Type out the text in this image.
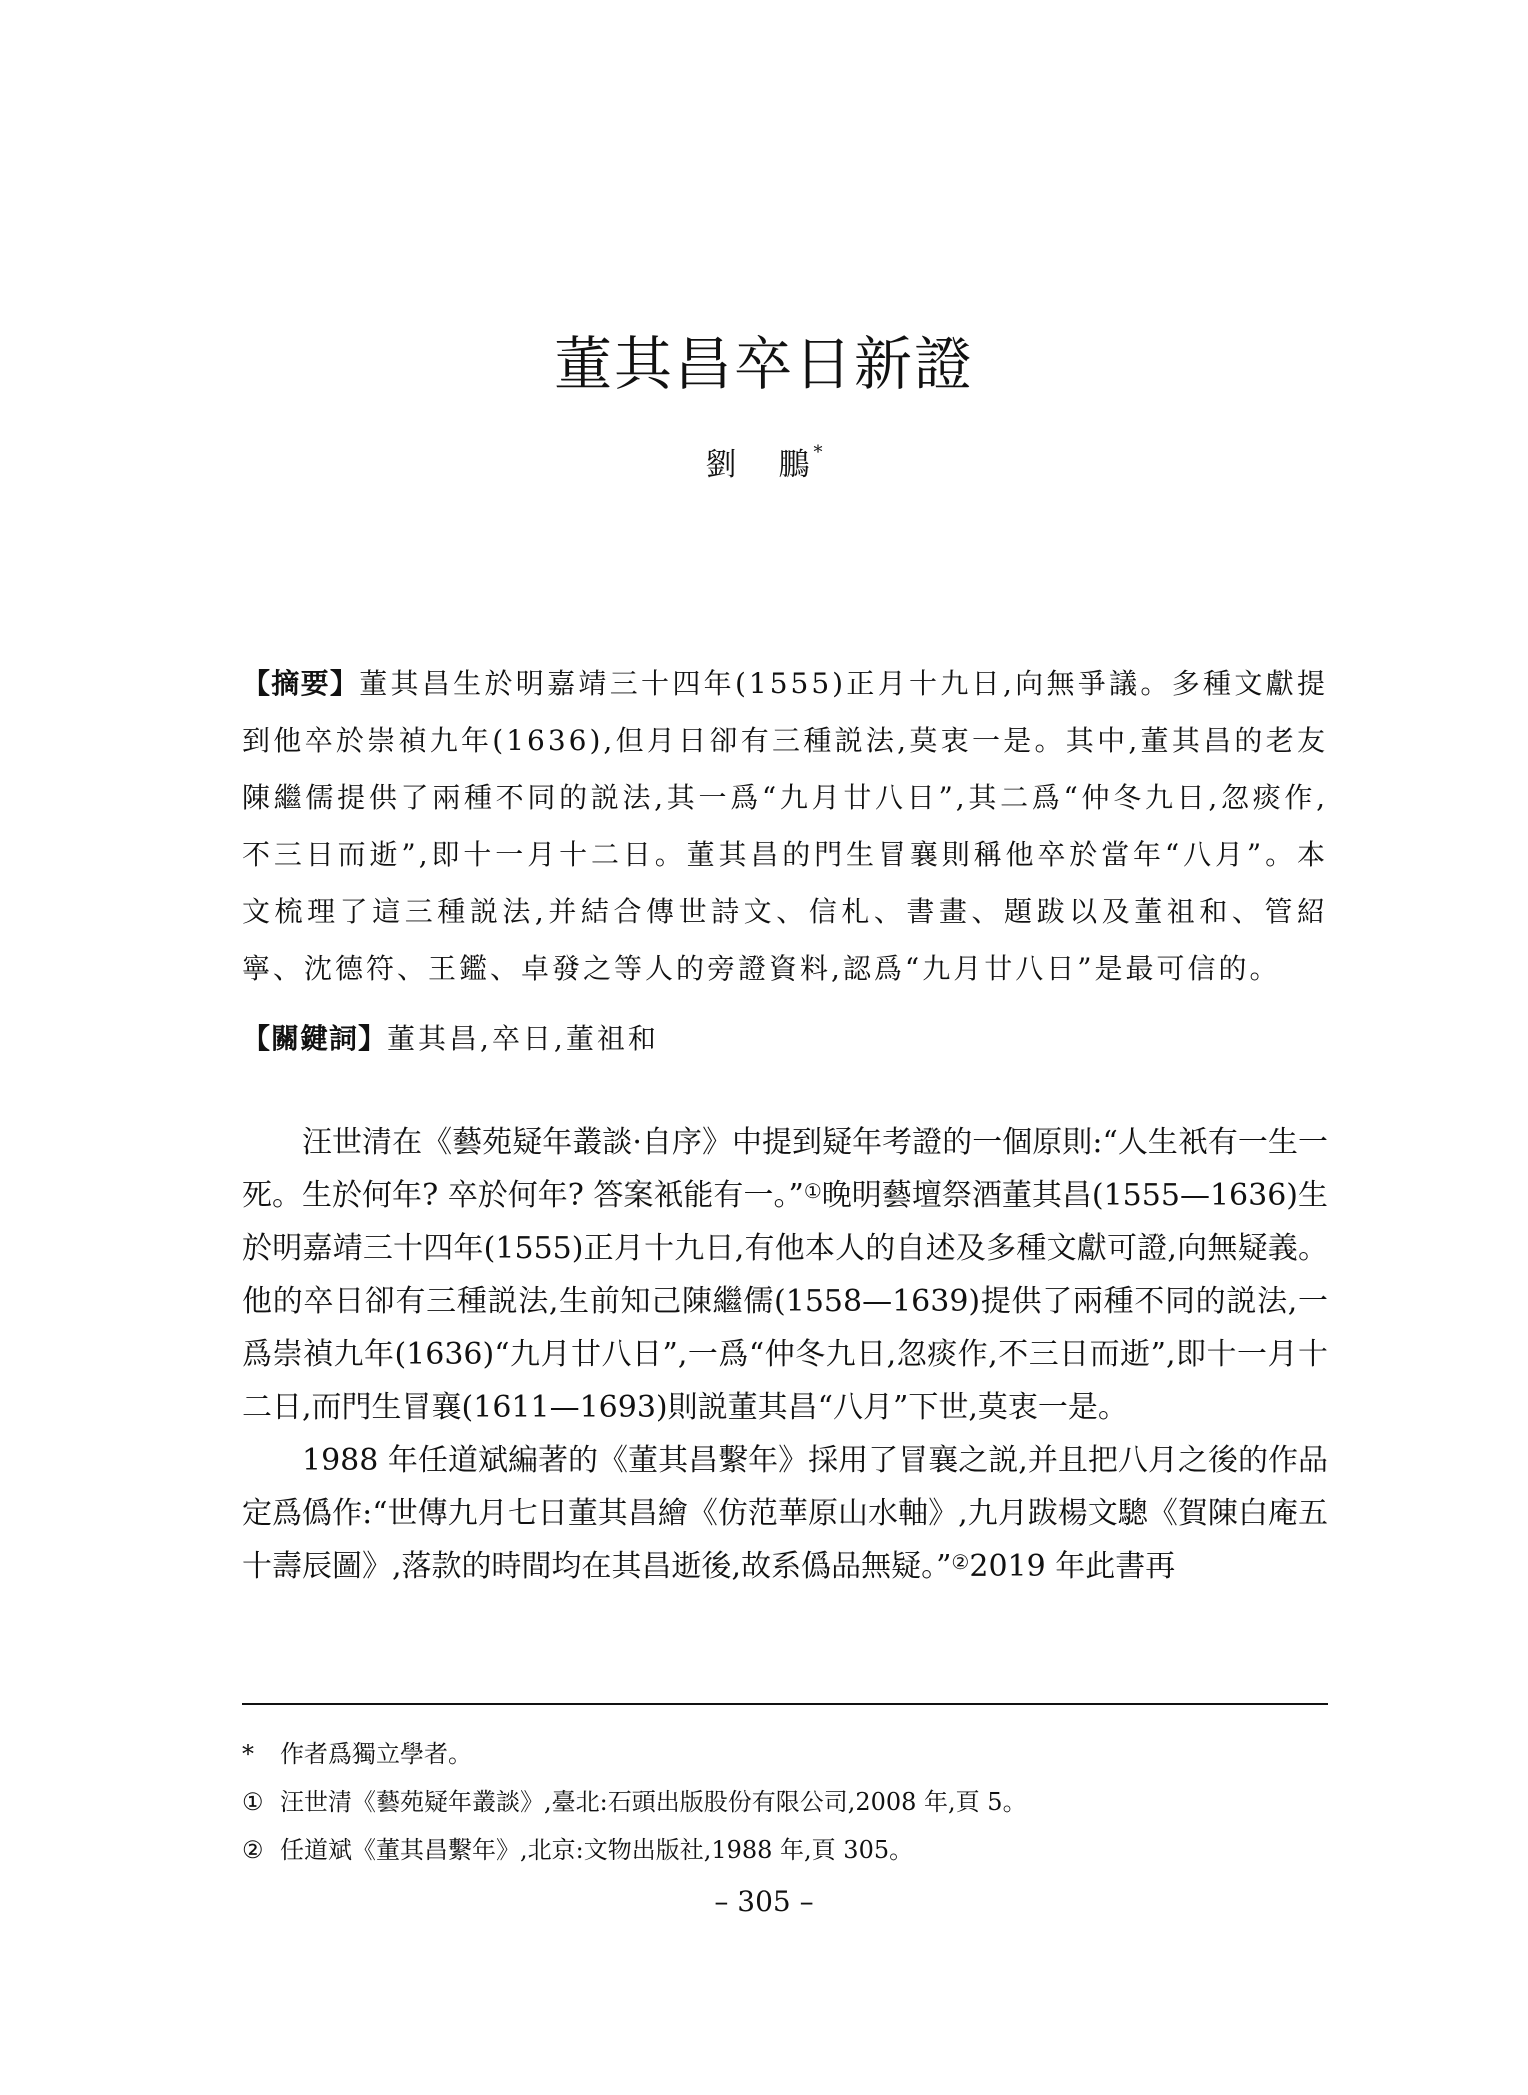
董其昌卒日新證
劉 鵬 *
【摘要】董其昌生於明嘉靖三十四年(1555)正月十九日,向無爭議。多種文獻提到他卒於崇禎九年(1636),但月日卻有三種説法,莫衷一是。其中,董其昌的老友陳繼儒提供了兩種不同的説法,其一爲“九月廿八日”,其二爲“仲冬九日,忽痰作,不三日而逝”,即十一月十二日。董其昌的門生冒襄則稱他卒於當年“八月”。本文梳理了這三種説法,并結合傳世詩文、信札、書畫、題跋以及董祖和、管紹寧、沈德符、王鑑、卓發之等人的旁證資料,認爲“九月廿八日”是最可信的。
【關鍵詞】董其昌,卒日,董祖和

汪世清在《藝苑疑年叢談·自序》中提到疑年考證的一個原則:“人生衹有一生一死。生於何年? 卒於何年? 答案衹能有一。”①晚明藝壇祭酒董其昌(1555—1636)生於明嘉靖三十四年(1555)正月十九日,有他本人的自述及多種文獻可證,向無疑義。他的卒日卻有三種説法,生前知己陳繼儒(1558—1639)提供了兩種不同的説法,一爲崇禎九年(1636)“九月廿八日”,一爲“仲冬九日,忽痰作,不三日而逝”,即十一月十二日,而門生冒襄(1611—1693)則説董其昌“八月”下世,莫衷一是。

1988 年任道斌編著的《董其昌繫年》採用了冒襄之説,并且把八月之後的作品定爲僞作:“世傳九月七日董其昌繪《仿范華原山水軸》,九月跋楊文驄《賀陳白庵五十壽辰圖》,落款的時間均在其昌逝後,故系僞品無疑。”②2019 年此書再

* 作者爲獨立學者。
① 汪世清《藝苑疑年叢談》,臺北:石頭出版股份有限公司,2008 年,頁 5。
② 任道斌《董其昌繫年》,北京:文物出版社,1988 年,頁 305。
– 305 –
